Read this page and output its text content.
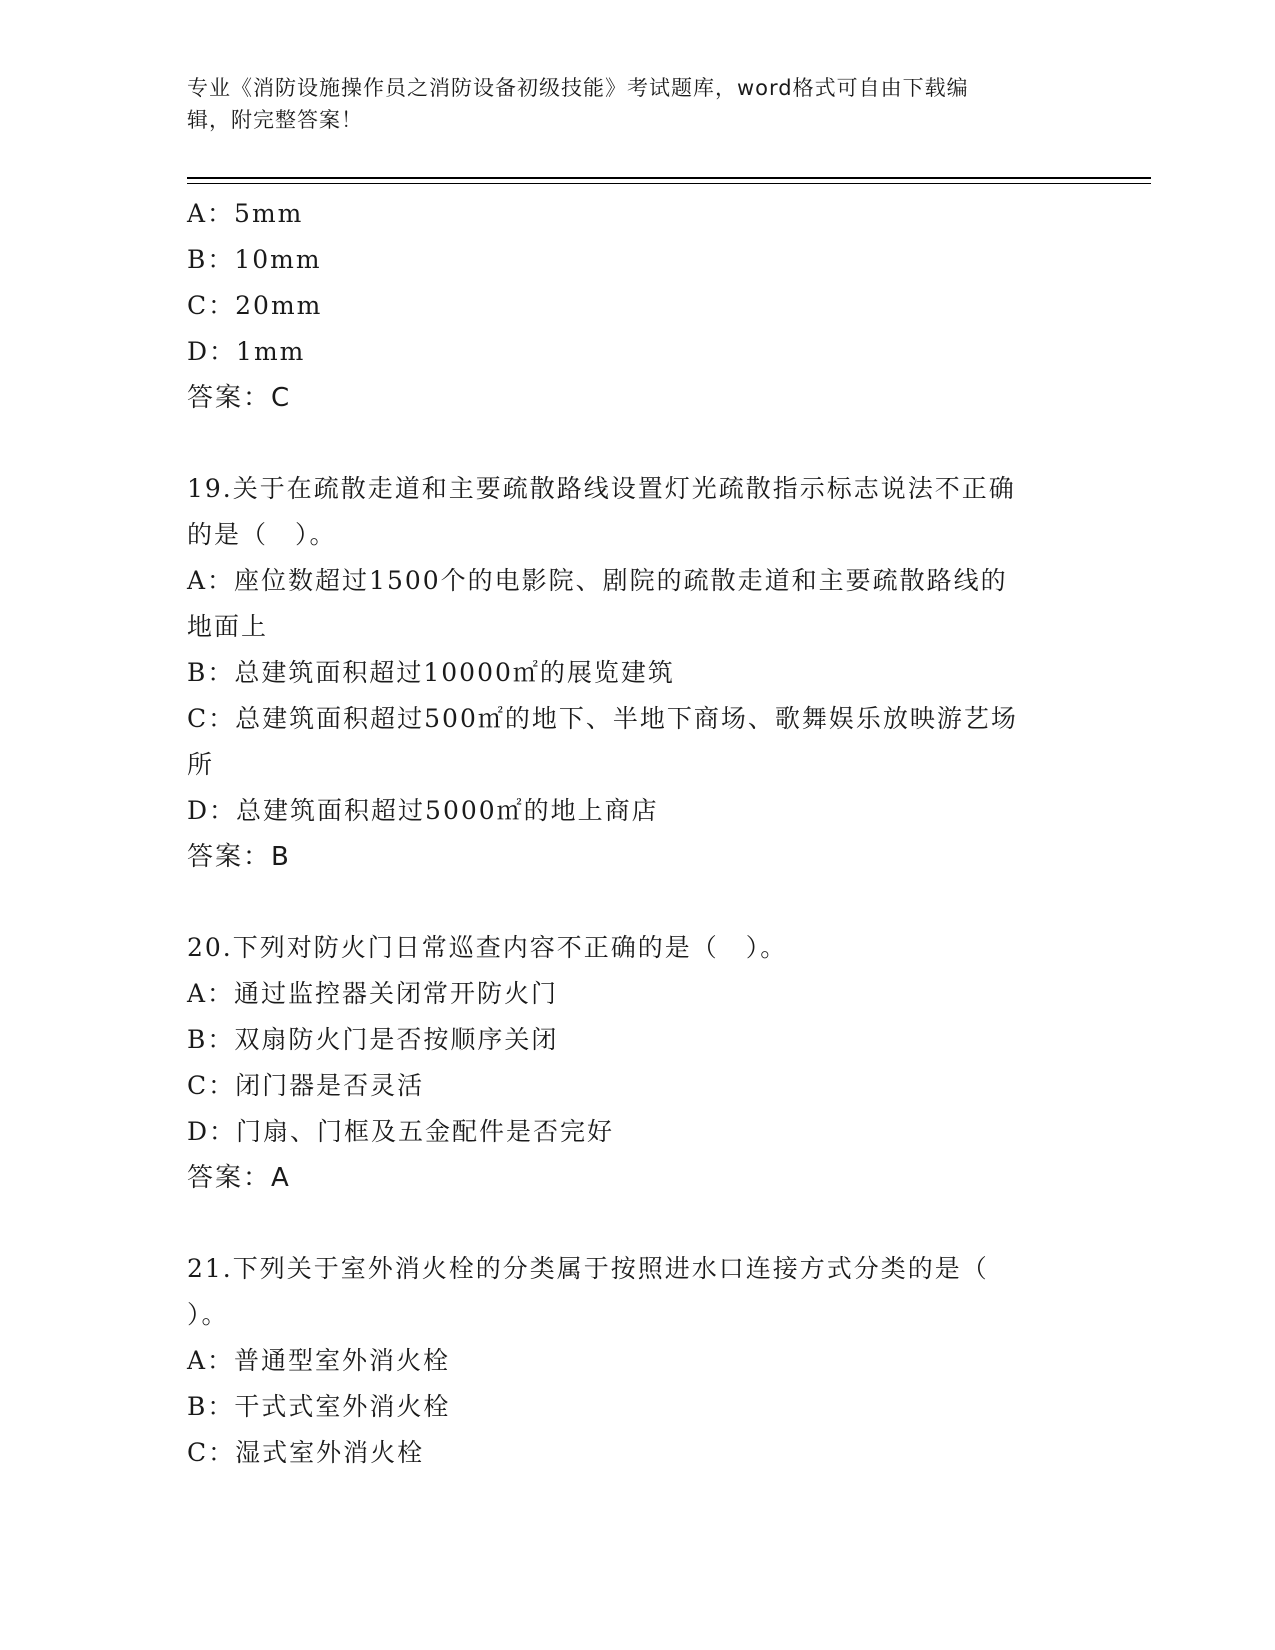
专业《消防设施操作员之消防设备初级技能》考试题库，word格式可自由下载编
辑，附完整答案！
A：5mm
B：10mm
C：20mm
D：1mm
答案：C
19.关于在疏散走道和主要疏散路线设置灯光疏散指示标志说法不正确
的是（　）。
A：座位数超过1500个的电影院、剧院的疏散走道和主要疏散路线的
地面上
B：总建筑面积超过10000㎡的展览建筑
C：总建筑面积超过500㎡的地下、半地下商场、歌舞娱乐放映游艺场
所
D：总建筑面积超过5000㎡的地上商店
答案：B
20.下列对防火门日常巡查内容不正确的是（　）。
A：通过监控器关闭常开防火门
B：双扇防火门是否按顺序关闭
C：闭门器是否灵活
D：门扇、门框及五金配件是否完好
答案：A
21.下列关于室外消火栓的分类属于按照进水口连接方式分类的是（
）。
A：普通型室外消火栓
B：干式式室外消火栓
C：湿式室外消火栓
